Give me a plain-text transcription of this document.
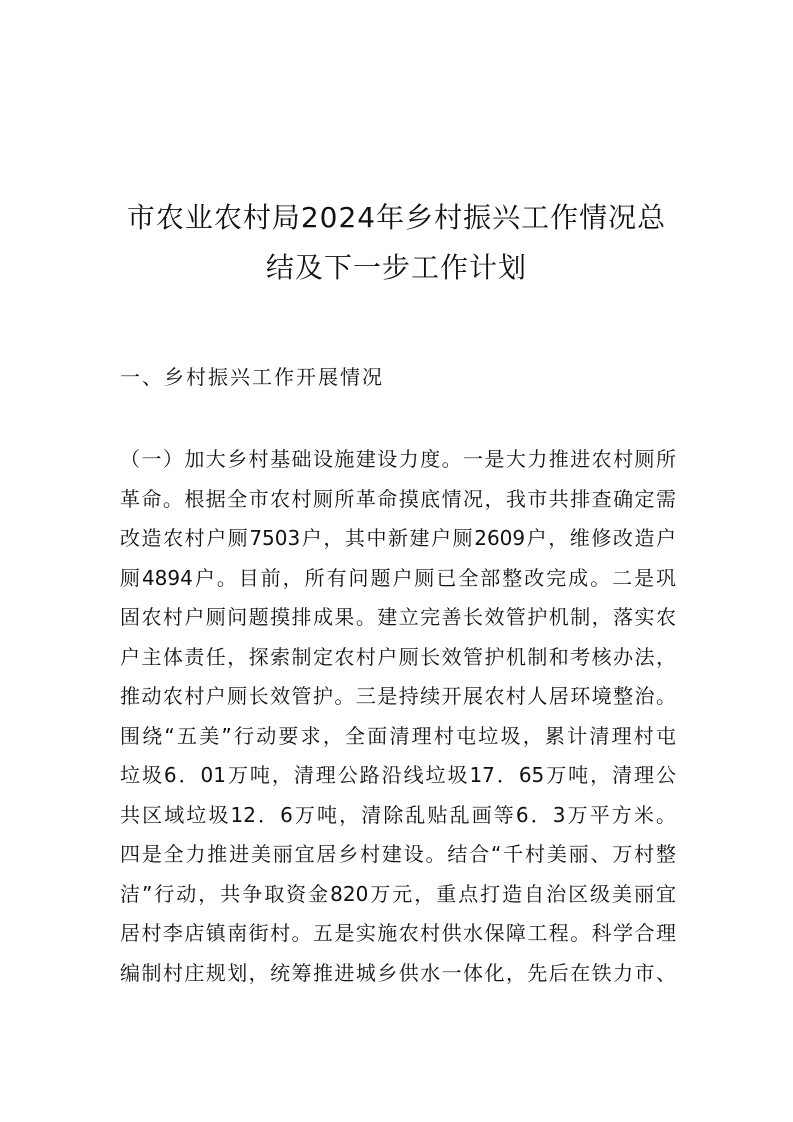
市农业农村局2024年乡村振兴工作情况总
结及下一步工作计划
一、乡村振兴工作开展情况
（一）加大乡村基础设施建设力度。一是大力推进农村厕所
革命。根据全市农村厕所革命摸底情况，我市共排查确定需
改造农村户厕7503户，其中新建户厕2609户，维修改造户
厕4894户。目前，所有问题户厕已全部整改完成。二是巩
固农村户厕问题摸排成果。建立完善长效管护机制，落实农
户主体责任，探索制定农村户厕长效管护机制和考核办法，
推动农村户厕长效管护。三是持续开展农村人居环境整治。
围绕“五美”行动要求，全面清理村屯垃圾，累计清理村屯
垃圾6．01万吨，清理公路沿线垃圾17．65万吨，清理公
共区域垃圾12．6万吨，清除乱贴乱画等6．3万平方米。
四是全力推进美丽宜居乡村建设。结合“千村美丽、万村整
洁”行动，共争取资金820万元，重点打造自治区级美丽宜
居村李店镇南街村。五是实施农村供水保障工程。科学合理
编制村庄规划，统筹推进城乡供水一体化，先后在铁力市、
